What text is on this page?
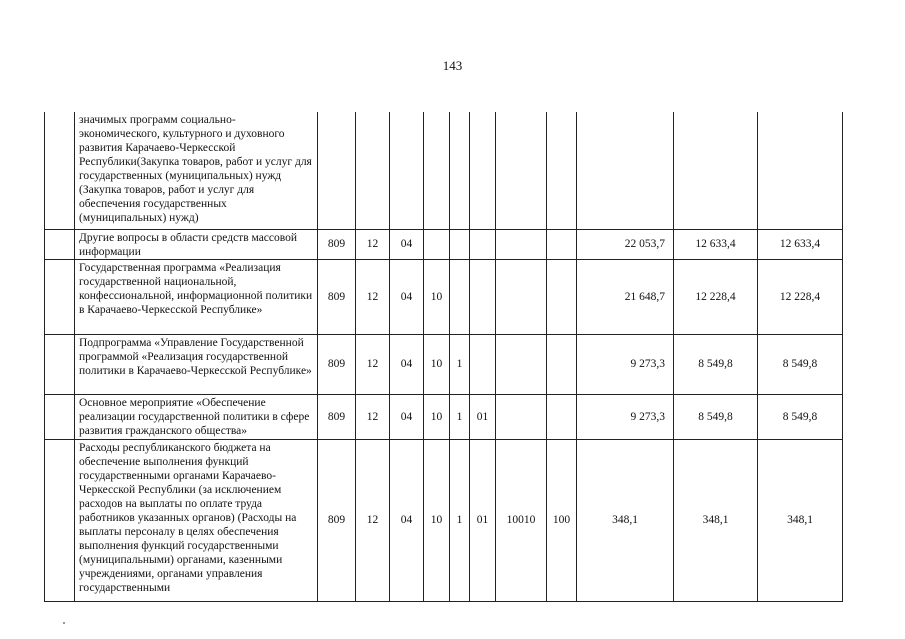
143
	значимых программ социально-экономического, культурного и духовного развития Карачаево-Черкесской Республики(Закупка товаров, работ и услуг для государственных (муниципальных) нужд (Закупка товаров, работ и услуг для обеспечения государственных (муниципальных) нужд)											
	Другие вопросы в области средств массовой информации	809	12	04						22 053,7	12 633,4	12 633,4
	Государственная программа «Реализация государственной национальной, конфессиональной, информационной политики в Карачаево-Черкесской Республике»	809	12	04	10					21 648,7	12 228,4	12 228,4
	Подпрограмма «Управление Государственной программой «Реализация государственной политики в Карачаево-Черкесской Республике»	809	12	04	10	1				9 273,3	8 549,8	8 549,8
	Основное мероприятие «Обеспечение реализации государственной политики в сфере развития гражданского общества»	809	12	04	10	1	01			9 273,3	8 549,8	8 549,8
	Расходы республиканского бюджета на обеспечение выполнения функций государственными органами Карачаево-Черкесской Республики (за исключением расходов на выплаты по оплате труда работников указанных органов) (Расходы на выплаты персоналу в целях обеспечения выполнения функций государственными (муниципальными) органами, казенными учреждениями, органами управления государственными	809	12	04	10	1	01	10010	100	348,1	348,1	348,1
